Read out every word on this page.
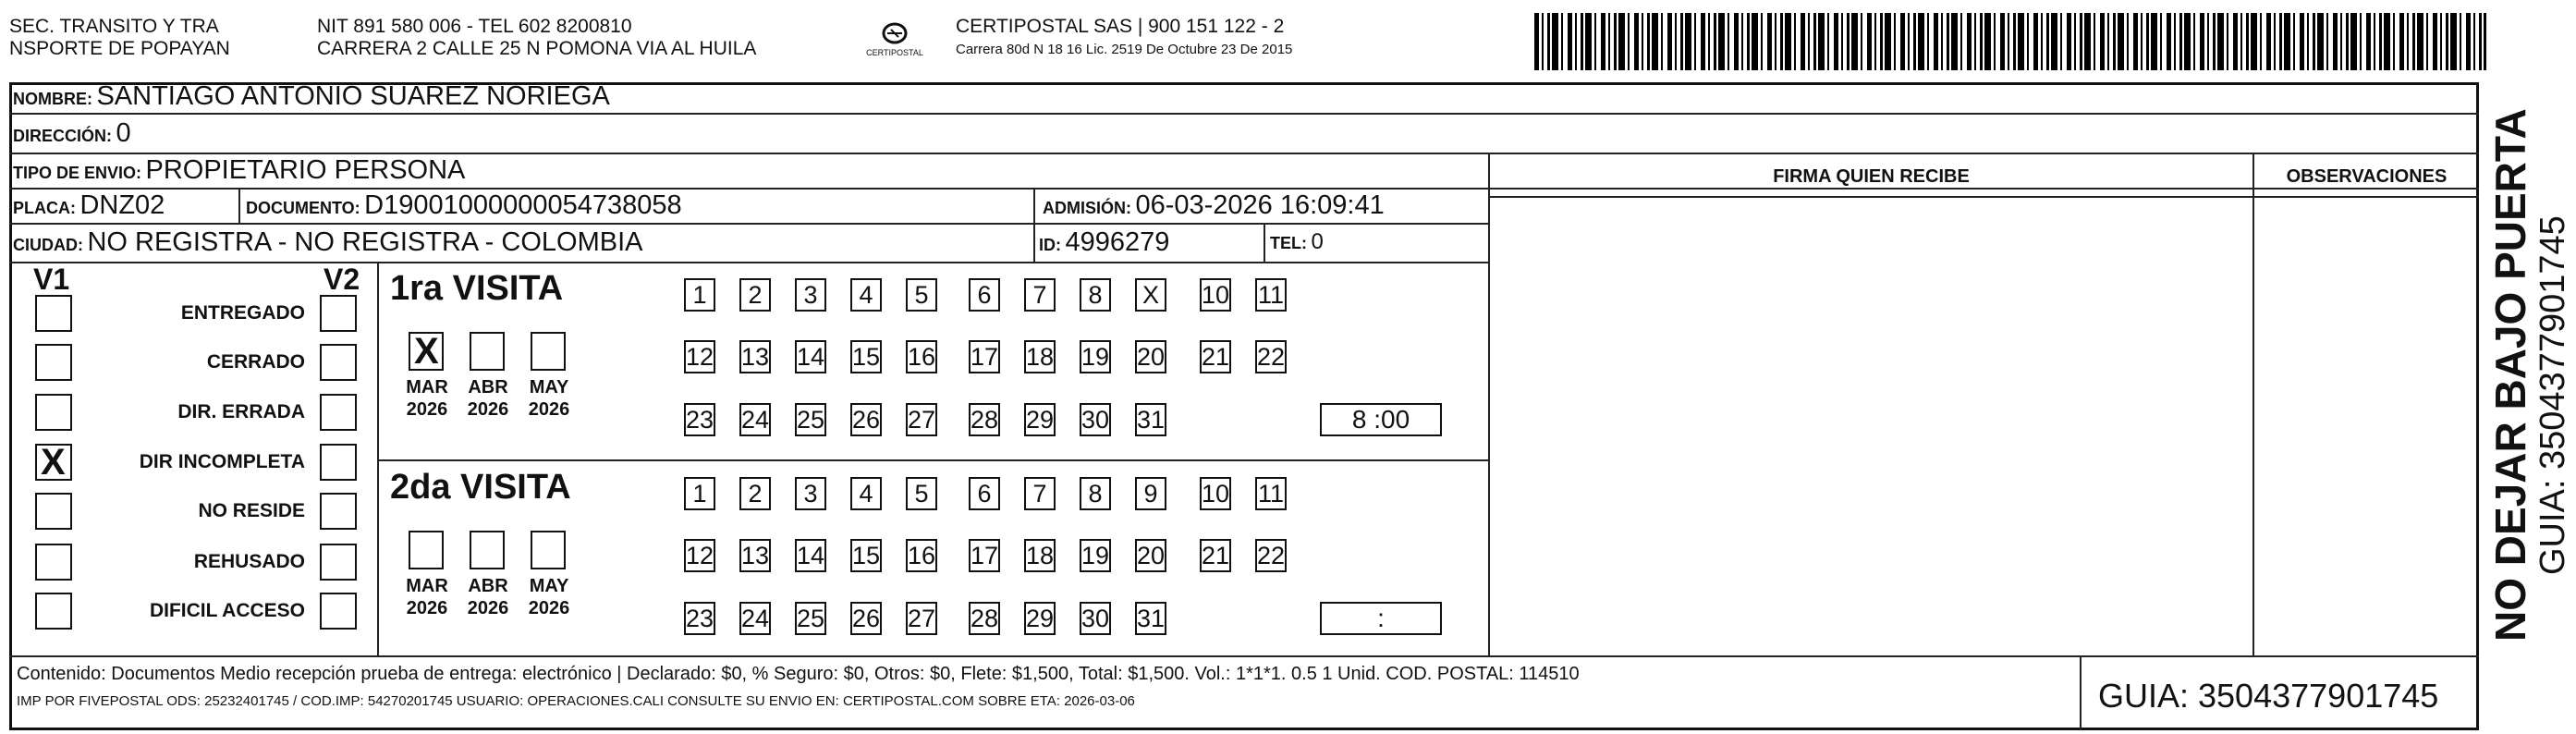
SEC. TRANSITO Y TRA
NSPORTE DE POPAYAN
NIT 891 580 006 - TEL 602 8200810
CARRERA 2 CALLE 25 N POMONA VIA AL HUILA	CERTIPOSTAL
CERTIPOSTAL SAS | 900 151 122 - 2
Carrera 80d N 18 16 Lic. 2519 De Octubre 23 De 2015
NOMBRE: SANTIAGO ANTONIO SUAREZ NORIEGA
DIRECCIÓN: 0
TIPO DE ENVIO: PROPIETARIO PERSONA
PLACA: DNZ02	DOCUMENTO: D19001000000054738058	ADMISIÓN: 06-03-2026 16:09:41
CIUDAD: NO REGISTRA - NO REGISTRA - COLOMBIA	ID: 4996279	TEL: 0
FIRMA QUIEN RECIBE	OBSERVACIONES
V1	V2
ENTREGADO
CERRADO
DIR. ERRADA
X	DIR INCOMPLETA
NO RESIDE
REHUSADO
DIFICIL ACCESO
1ra VISITA
X
MAR
2026
ABR
2026
MAY
2026
1	2	3	4	5	6	7	8	X 10 11
12 13 14 15 16 17 18 19 20 21 22
23 24 25 26 27 28 29 30 31	8 :00
2da VISITA
MAR
2026
ABR
2026
MAY
2026
1	2	3	4	5	6	7	8	9	10 11
12 13 14 15 16 17 18 19 20 21 22
23 24 25 26 27 28 29 30 31	:
Contenido: Documentos Medio recepción prueba de entrega: electrónico | Declarado: $0, % Seguro: $0, Otros: $0, Flete: $1,500, Total: $1,500. Vol.: 1*1*1. 0.5 1 Unid. COD. POSTAL: 114510
IMP POR FIVEPOSTAL ODS: 25232401745 / COD.IMP: 54270201745 USUARIO: OPERACIONES.CALI CONSULTE SU ENVIO EN: CERTIPOSTAL.COM SOBRE ETA: 2026-03-06	GUIA: 3504377901745
NO DEJAR BAJO PUERTA GUIA: 3504377901745
